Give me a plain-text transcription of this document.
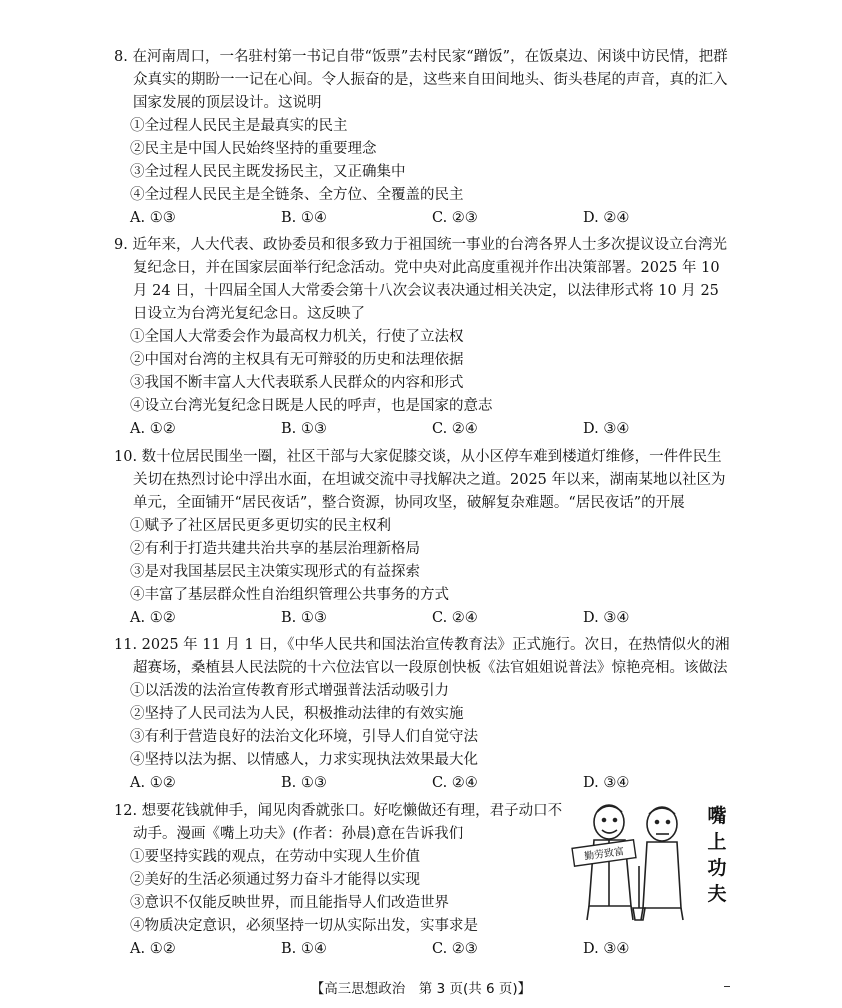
8. 在河南周口，一名驻村第一书记自带“饭票”去村民家“蹭饭”，在饭桌边、闲谈中访民情，把群众真实的期盼一一记在心间。令人振奋的是，这些来自田间地头、街头巷尾的声音，真的汇入国家发展的顶层设计。这说明

①全过程人民民主是最真实的民主

②民主是中国人民始终坚持的重要理念

③全过程人民民主既发扬民主，又正确集中

④全过程人民民主是全链条、全方位、全覆盖的民主

A. ①③	B. ①④	C. ②③	D. ②④

9. 近年来，人大代表、政协委员和很多致力于祖国统一事业的台湾各界人士多次提议设立台湾光复纪念日，并在国家层面举行纪念活动。党中央对此高度重视并作出决策部署。2025 年 10 月 24 日，十四届全国人大常委会第十八次会议表决通过相关决定，以法律形式将 10 月 25 日设立为台湾光复纪念日。这反映了

①全国人大常委会作为最高权力机关，行使了立法权

②中国对台湾的主权具有无可辩驳的历史和法理依据

③我国不断丰富人大代表联系人民群众的内容和形式

④设立台湾光复纪念日既是人民的呼声，也是国家的意志

A. ①②	B. ①③	C. ②④	D. ③④

10. 数十位居民围坐一圈，社区干部与大家促膝交谈，从小区停车难到楼道灯维修，一件件民生关切在热烈讨论中浮出水面，在坦诚交流中寻找解决之道。2025 年以来，湖南某地以社区为单元，全面铺开“居民夜话”，整合资源，协同攻坚，破解复杂难题。“居民夜话”的开展

①赋予了社区居民更多更切实的民主权利

②有利于打造共建共治共享的基层治理新格局

③是对我国基层民主决策实现形式的有益探索

④丰富了基层群众性自治组织管理公共事务的方式

A. ①②	B. ①③	C. ②④	D. ③④

11. 2025 年 11 月 1 日，《中华人民共和国法治宣传教育法》正式施行。次日，在热情似火的湘超赛场，桑植县人民法院的十六位法官以一段原创快板《法官姐姐说普法》惊艳亮相。该做法

①以活泼的法治宣传教育形式增强普法活动吸引力

②坚持了人民司法为人民，积极推动法律的有效实施

③有利于营造良好的法治文化环境，引导人们自觉守法

④坚持以法为据、以情感人，力求实现执法效果最大化

A. ①②	B. ①③	C. ②④	D. ③④

12. 想要花钱就伸手，闻见肉香就张口。好吃懒做还有理，君子动口不动手。漫画《嘴上功夫》(作者：孙晨)意在告诉我们

①要坚持实践的观点，在劳动中实现人生价值

②美好的生活必须通过努力奋斗才能得以实现

③意识不仅能反映世界，而且能指导人们改造世界

④物质决定意识，必须坚持一切从实际出发，实事求是

A. ①②	B. ①④	C. ②③	D. ③④
勤劳致富
嘴
上
功
夫
【高三思想政治　第 3 页(共 6 页)】
